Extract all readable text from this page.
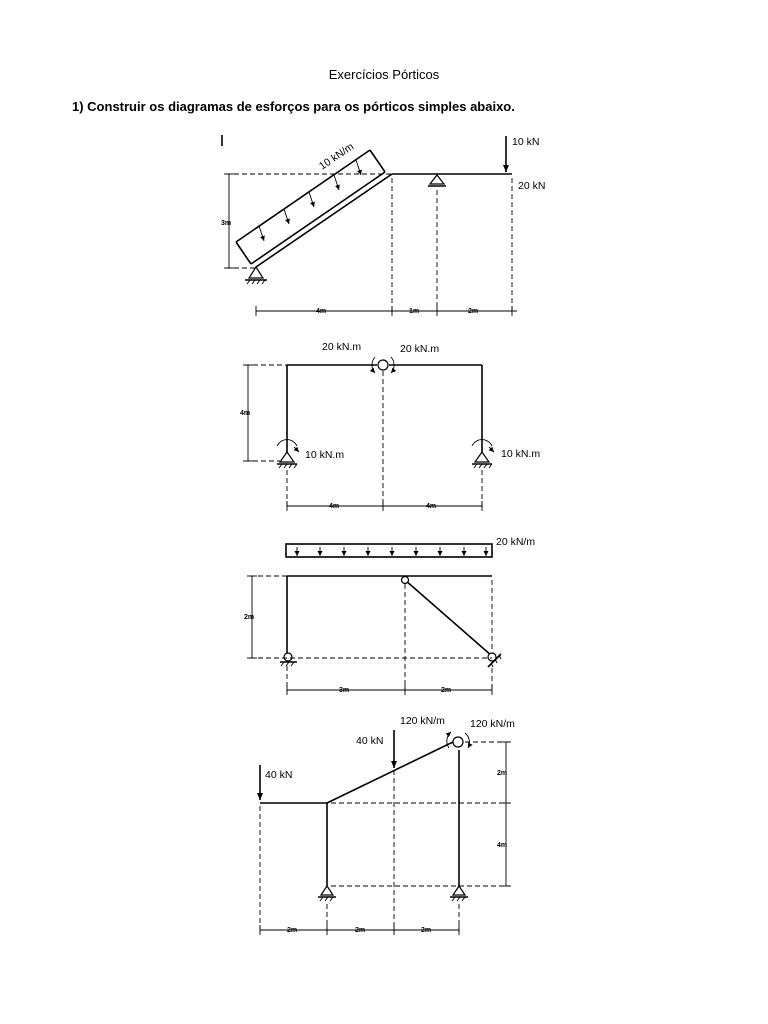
Exercícios Pórticos
1) Construir os diagramas de esforços para os pórticos simples abaixo.
10 kN/m	10 kN
20 kN
3m
4m	1m	2m
20 kN.m	20 kN.m
10 kN.m	10 kN.m
4m
4m	4m
20 kN/m
2m
3m	2m
120 kN/m 120 kN/m
40 kN
40 kN	2m
4m
2m	2m	2m
